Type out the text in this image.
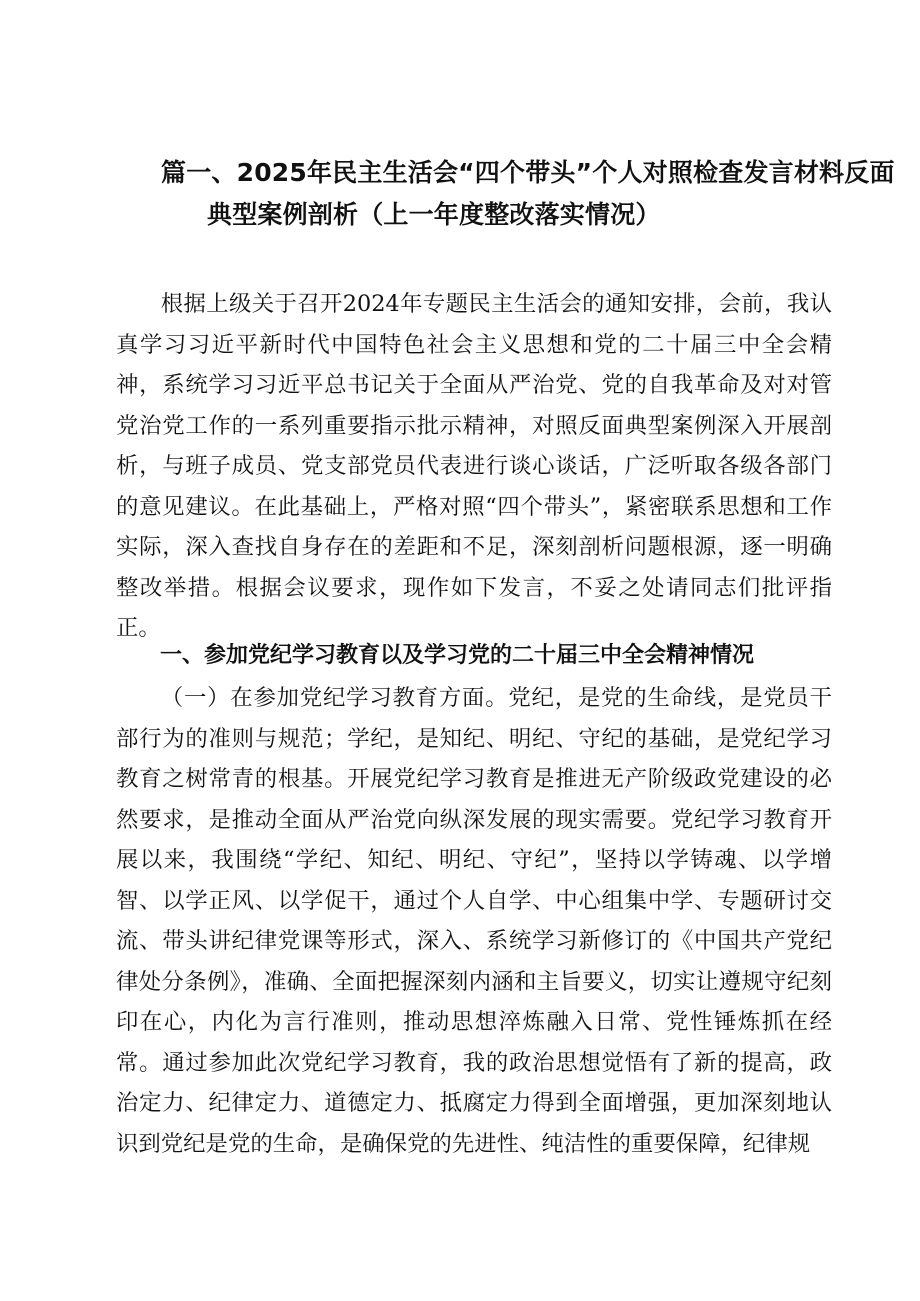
篇一、2025年民主生活会“四个带头”个人对照检查发言材料反面
典型案例剖析（上一年度整改落实情况）

根据上级关于召开2024年专题民主生活会的通知安排，会前，我认真学习习近平新时代中国特色社会主义思想和党的二十届三中全会精神，系统学习习近平总书记关于全面从严治党、党的自我革命及对对管党治党工作的一系列重要指示批示精神，对照反面典型案例深入开展剖析，与班子成员、党支部党员代表进行谈心谈话，广泛听取各级各部门的意见建议。在此基础上，严格对照“四个带头”，紧密联系思想和工作实际，深入查找自身存在的差距和不足，深刻剖析问题根源，逐一明确整改举措。根据会议要求，现作如下发言，不妥之处请同志们批评指正。

一、参加党纪学习教育以及学习党的二十届三中全会精神情况

（一）在参加党纪学习教育方面。党纪，是党的生命线，是党员干部行为的准则与规范；学纪，是知纪、明纪、守纪的基础，是党纪学习教育之树常青的根基。开展党纪学习教育是推进无产阶级政党建设的必然要求，是推动全面从严治党向纵深发展的现实需要。党纪学习教育开展以来，我围绕“学纪、知纪、明纪、守纪”，坚持以学铸魂、以学增智、以学正风、以学促干，通过个人自学、中心组集中学、专题研讨交流、带头讲纪律党课等形式，深入、系统学习新修订的《中国共产党纪律处分条例》，准确、全面把握深刻内涵和主旨要义，切实让遵规守纪刻印在心，内化为言行准则，推动思想淬炼融入日常、党性锤炼抓在经常。通过参加此次党纪学习教育，我的政治思想觉悟有了新的提高，政治定力、纪律定力、道德定力、抵腐定力得到全面增强，更加深刻地认识到党纪是党的生命，是确保党的先进性、纯洁性的重要保障，纪律规
